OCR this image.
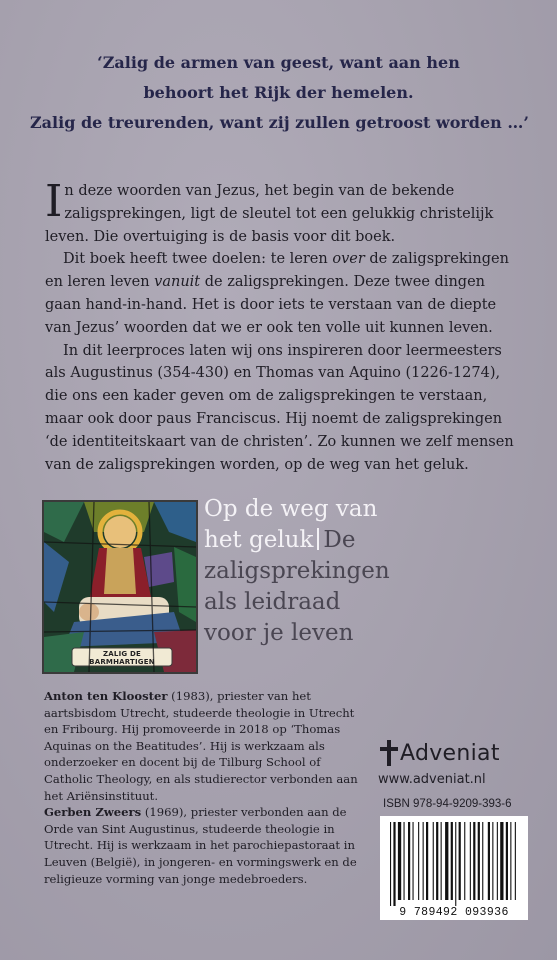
‘Zalig de armen van geest, want aan hen
behoort het Rijk der hemelen.
Zalig de treurenden, want zij zullen getroost worden …’

In deze woorden van Jezus, het begin van de bekende zaligsprekingen, ligt de sleutel tot een gelukkig christelijk leven. Die overtuiging is de basis voor dit boek.

Dit boek heeft twee doelen: te leren over de zaligsprekingen en leren leven vanuit de zaligsprekingen. Deze twee dingen gaan hand-in-hand. Het is door iets te verstaan van de diepte van Jezus’ woorden dat we er ook ten volle uit kunnen leven.

In dit leerproces laten wij ons inspireren door leermeesters als Augustinus (354-430) en Thomas van Aquino (1226-1274), die ons een kader geven om de zaligsprekingen te verstaan, maar ook door paus Franciscus. Hij noemt de zaligsprekingen ‘de identiteitskaart van de christen’. Zo kunnen we zelf mensen van de zaligsprekingen worden, op de weg van het geluk.

ZALIG DE BARMHARTIGEN
Op de weg van
het geluk De
zaligsprekingen
als leidraad
voor je leven
Anton ten Klooster (1983), priester van het aartsbisdom Utrecht, studeerde theologie in Utrecht en Fribourg. Hij promoveerde in 2018 op ‘Thomas Aquinas on the Beatitudes’. Hij is werkzaam als onderzoeker en docent bij de Tilburg School of Catholic Theology, en als studierector verbonden aan het Ariënsinstituut.
Gerben Zweers (1969), priester verbonden aan de Orde van Sint Augustinus, studeerde theologie in Utrecht. Hij is werkzaam in het parochiepastoraat in Leuven (België), in jongeren- en vormingswerk en de religieuze vorming van jonge medebroeders.
Adveniat
www.adveniat.nl
ISBN 978-94-9209-393-6
9 789492 093936
